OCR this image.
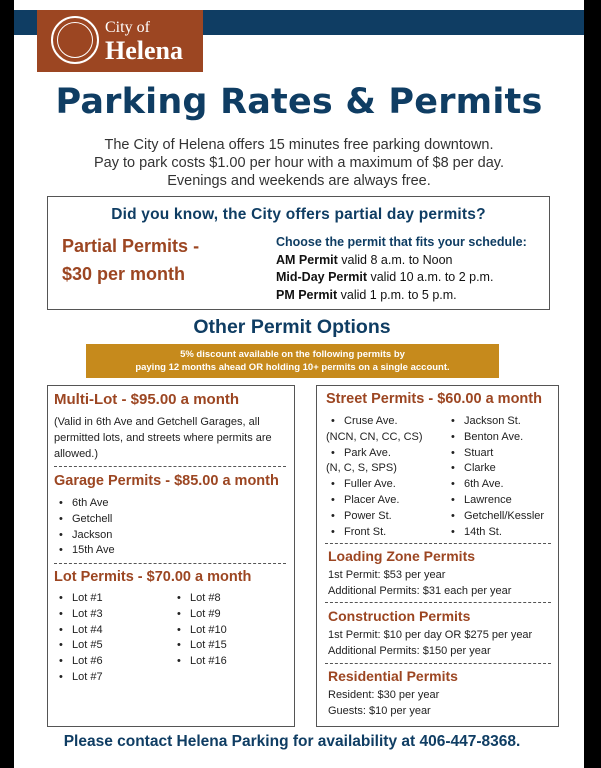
City of
Helena
Parking Rates & Permits
The City of Helena offers 15 minutes free parking downtown.
Pay to park costs $1.00 per hour with a maximum of $8 per day.
Evenings and weekends are always free.
Did you know, the City offers partial day permits?
Partial Permits -
$30 per month
Choose the permit that fits your schedule:
AM Permit valid 8 a.m. to Noon
Mid-Day Permit valid 10 a.m. to 2 p.m.
PM Permit valid 1 p.m. to 5 p.m.
Other Permit Options
5% discount available on the following permits by
paying 12 months ahead OR holding 10+ permits on a single account.
Multi-Lot - $95.00 a month
(Valid in 6th Ave and Getchell Garages, all
permitted lots, and streets where permits are
allowed.)
Garage Permits - $85.00 a month
• 6th Ave
• Getchell
• Jackson
• 15th Ave
Lot Permits - $70.00 a month
• Lot #1
• Lot #3
• Lot #4
• Lot #5
• Lot #6
• Lot #7
• Lot #8
• Lot #9
• Lot #10
• Lot #15
• Lot #16
Street Permits - $60.00 a month
• Cruse Ave.
(NCN, CN, CC, CS)
• Park Ave.
(N, C, S, SPS)
• Fuller Ave.
• Placer Ave.
• Power St.
• Front St.
• Jackson St.
• Benton Ave.
• Stuart
• Clarke
• 6th Ave.
• Lawrence
• Getchell/Kessler
• 14th St.
Loading Zone Permits
1st Permit: $53 per year
Additional Permits: $31 each per year
Construction Permits
1st Permit: $10 per day OR $275 per year
Additional Permits: $150 per year
Residential Permits
Resident: $30 per year
Guests: $10 per year
Please contact Helena Parking for availability at 406-447-8368.
